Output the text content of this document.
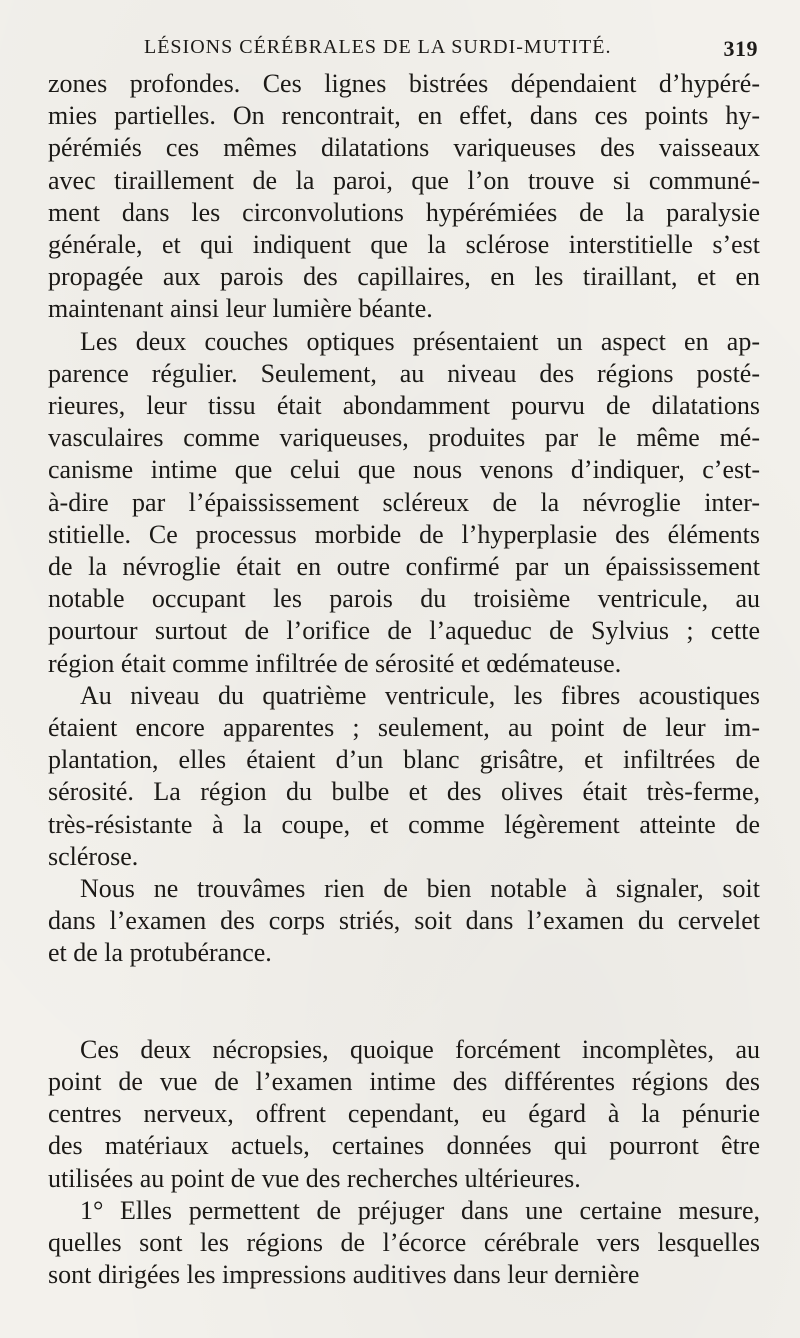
LÉSIONS CÉRÉBRALES DE LA SURDI-MUTITÉ.	319
zones profondes. Ces lignes bistrées dépendaient d’hypéré-
mies partielles. On rencontrait, en effet, dans ces points hy-
pérémiés ces mêmes dilatations variqueuses des vaisseaux
avec tiraillement de la paroi, que l’on trouve si communé-
ment dans les circonvolutions hypérémiées de la paralysie
générale, et qui indiquent que la sclérose interstitielle s’est
propagée aux parois des capillaires, en les tiraillant, et en
maintenant ainsi leur lumière béante.
Les deux couches optiques présentaient un aspect en ap-
parence régulier. Seulement, au niveau des régions posté-
rieures, leur tissu était abondamment pourvu de dilatations
vasculaires comme variqueuses, produites par le même mé-
canisme intime que celui que nous venons d’indiquer, c’est-
à-dire par l’épaississement scléreux de la névroglie inter-
stitielle. Ce processus morbide de l’hyperplasie des éléments
de la névroglie était en outre confirmé par un épaississement
notable occupant les parois du troisième ventricule, au
pourtour surtout de l’orifice de l’aqueduc de Sylvius ; cette
région était comme infiltrée de sérosité et œdémateuse.
Au niveau du quatrième ventricule, les fibres acoustiques
étaient encore apparentes ; seulement, au point de leur im-
plantation, elles étaient d’un blanc grisâtre, et infiltrées de
sérosité. La région du bulbe et des olives était très-ferme,
très-résistante à la coupe, et comme légèrement atteinte de
sclérose.
Nous ne trouvâmes rien de bien notable à signaler, soit
dans l’examen des corps striés, soit dans l’examen du cervelet
et de la protubérance.
Ces deux nécropsies, quoique forcément incomplètes, au
point de vue de l’examen intime des différentes régions des
centres nerveux, offrent cependant, eu égard à la pénurie
des matériaux actuels, certaines données qui pourront être
utilisées au point de vue des recherches ultérieures.
1° Elles permettent de préjuger dans une certaine mesure,
quelles sont les régions de l’écorce cérébrale vers lesquelles
sont dirigées les impressions auditives dans leur dernière
